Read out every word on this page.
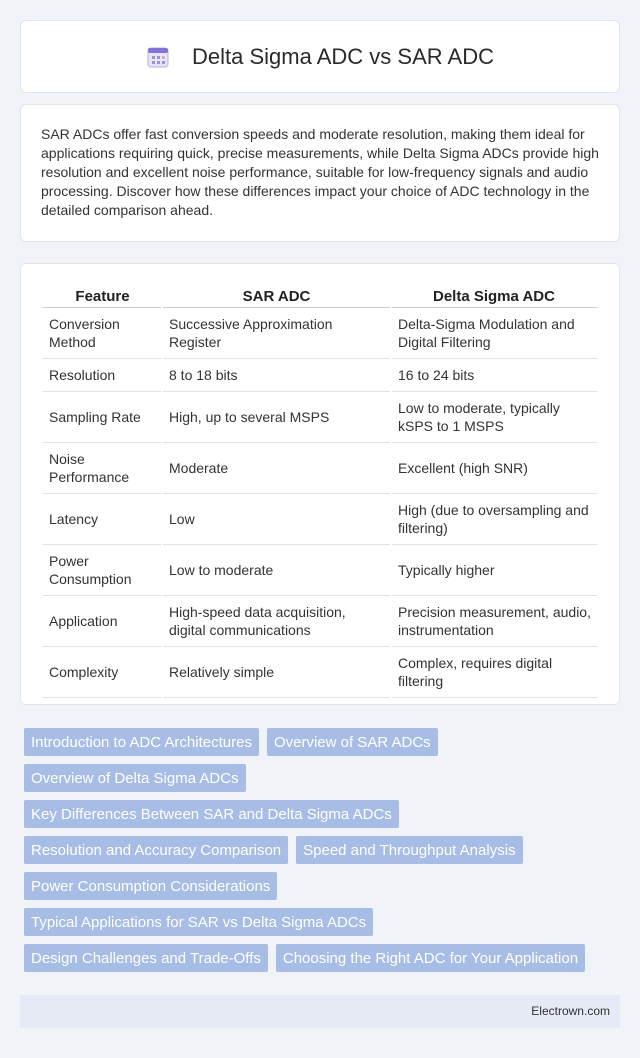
Delta Sigma ADC vs SAR ADC

SAR ADCs offer fast conversion speeds and moderate resolution, making them ideal for applications requiring quick, precise measurements, while Delta Sigma ADCs provide high resolution and excellent noise performance, suitable for low-frequency signals and audio processing. Discover how these differences impact your choice of ADC technology in the detailed comparison ahead.

Feature	SAR ADC	Delta Sigma ADC
Conversion Method	Successive Approximation Register	Delta-Sigma Modulation and Digital Filtering
Resolution	8 to 18 bits	16 to 24 bits
Sampling Rate	High, up to several MSPS	Low to moderate, typically kSPS to 1 MSPS
Noise Performance	Moderate	Excellent (high SNR)
Latency	Low	High (due to oversampling and filtering)
Power Consumption	Low to moderate	Typically higher
Application	High-speed data acquisition, digital communications	Precision measurement, audio, instrumentation
Complexity	Relatively simple	Complex, requires digital filtering
Introduction to ADC Architectures	Overview of SAR ADCs
Overview of Delta Sigma ADCs
Key Differences Between SAR and Delta Sigma ADCs
Resolution and Accuracy Comparison	Speed and Throughput Analysis
Power Consumption Considerations
Typical Applications for SAR vs Delta Sigma ADCs
Design Challenges and Trade-Offs	Choosing the Right ADC for Your Application
Electrown.com
